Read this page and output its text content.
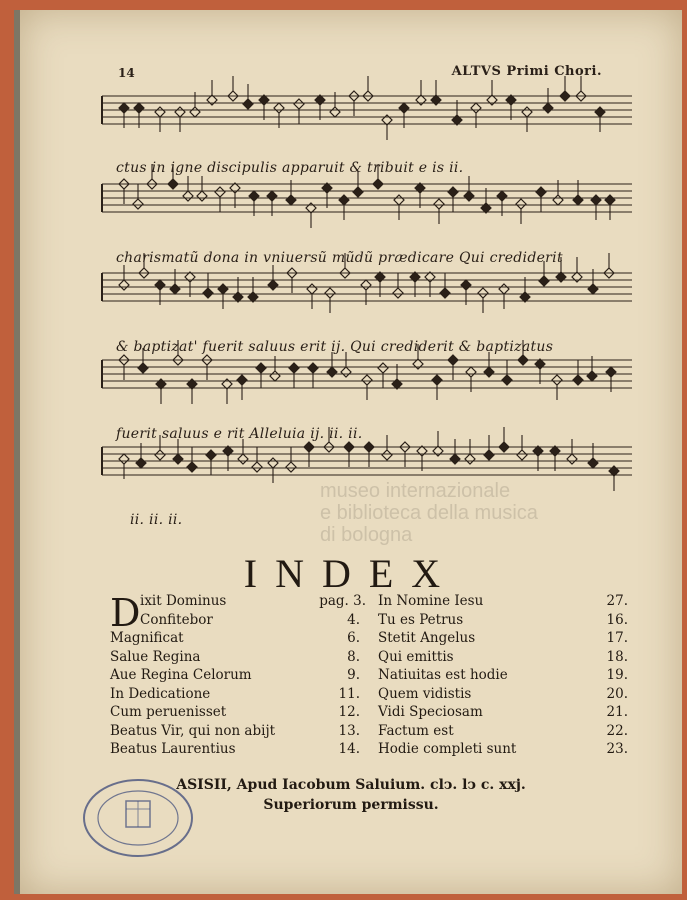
14	ALTVS Primi Chori.
ctus in igne discipulis apparuit & tribuit e is ii.
charismatũ dona in vniuersũ mũdũ prædicare Qui crediderit
& baptizat' fuerit saluus erit ij. Qui crediderit & baptizatus
fuerit saluus e rit Alleluia ij. ii. ii.
ii. ii. ii.
museo internazionale
e biblioteca della musica
di bologna
INDEX
D ixit Dominus	pag. 3. In Nomine Iesu	27.
Confitebor	4. Tu es Petrus	16.
Magnificat	6. Stetit Angelus	17.
Salue Regina	8. Qui emittis	18.
Aue Regina Celorum	9. Natiuitas est hodie	19.
In Dedicatione	11. Quem vidistis	20.
Cum peruenisset	12. Vidi Speciosam	21.
Beatus Vir, qui non abijt	13. Factum est	22.
Beatus Laurentius	14. Hodie completi sunt	23.
ASISII, Apud Iacobum Saluium. clↄ. lↄ c. xxj.
Superiorum permissu.
